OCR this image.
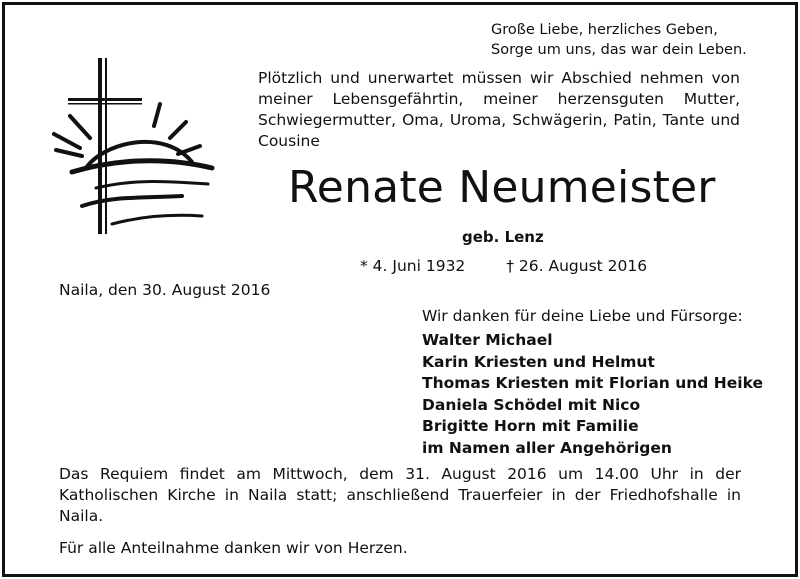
Große Liebe, herzliches Geben,
Sorge um uns, das war dein Leben.

Plötzlich und unerwartet müssen wir Abschied nehmen von meiner Lebensgefährtin, meiner herzensguten Mutter, Schwiegermutter, Oma, Uroma, Schwägerin, Patin, Tante und Cousine

Renate Neumeister
geb. Lenz
* 4. Juni 1932	† 26. August 2016
Naila, den 30. August 2016
Wir danken für deine Liebe und Fürsorge:
Walter Michael
Karin Kriesten und Helmut
Thomas Kriesten mit Florian und Heike
Daniela Schödel mit Nico
Brigitte Horn mit Familie
im Namen aller Angehörigen

Das Requiem findet am Mittwoch, dem 31. August 2016 um 14.00 Uhr in der Katholischen Kirche in Naila statt; anschließend Trauerfeier in der Friedhofshalle in Naila.

Für alle Anteilnahme danken wir von Herzen.
